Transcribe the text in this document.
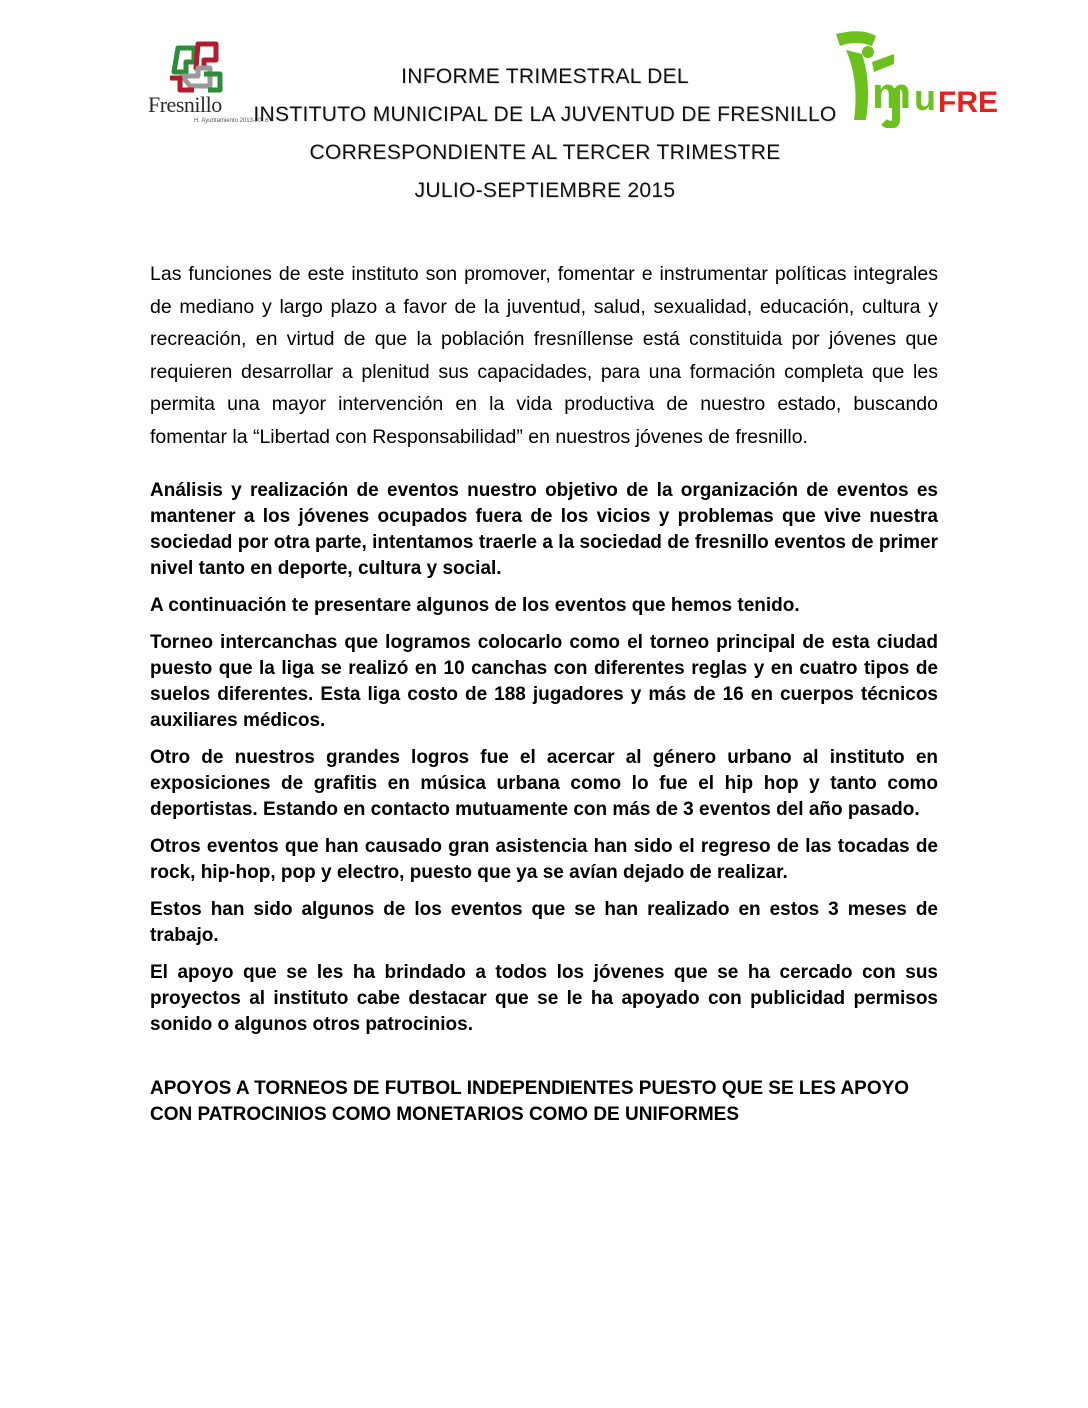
Fresnillo
H. Ayuntamiento 2013-2016
INFORME TRIMESTRAL DEL
INSTITUTO MUNICIPAL DE LA JUVENTUD DE FRESNILLO
CORRESPONDIENTE AL TERCER TRIMESTRE
JULIO-SEPTIEMBRE 2015
m u FRE

Las funciones de este instituto son promover, fomentar e instrumentar políticas integrales de mediano y largo plazo a favor de la juventud, salud, sexualidad, educación, cultura y recreación, en virtud de que la población fresníllense está constituida por jóvenes que requieren desarrollar a plenitud sus capacidades, para una formación completa que les permita una mayor intervención en la vida productiva de nuestro estado, buscando fomentar la “Libertad con Responsabilidad” en nuestros jóvenes de fresnillo.

Análisis y realización de eventos nuestro objetivo de la organización de eventos es mantener a los jóvenes ocupados fuera de los vicios y problemas que vive nuestra sociedad por otra parte, intentamos traerle a la sociedad de fresnillo eventos de primer nivel tanto en deporte, cultura y social.

A continuación te presentare algunos de los eventos que hemos tenido.

Torneo intercanchas que logramos colocarlo como el torneo principal de esta ciudad puesto que la liga se realizó en 10 canchas con diferentes reglas y en cuatro tipos de suelos diferentes. Esta liga costo de 188 jugadores y más de 16 en cuerpos técnicos auxiliares médicos.

Otro de nuestros grandes logros fue el acercar al género urbano al instituto en exposiciones de grafitis en música urbana como lo fue el hip hop y tanto como deportistas. Estando en contacto mutuamente con más de 3 eventos del año pasado.

Otros eventos que han causado gran asistencia han sido el regreso de las tocadas de rock, hip-hop, pop y electro, puesto que ya se avían dejado de realizar.

Estos han sido algunos de los eventos que se han realizado en estos 3 meses de trabajo.

El apoyo que se les ha brindado a todos los jóvenes que se ha cercado con sus proyectos al instituto cabe destacar que se le ha apoyado con publicidad permisos sonido o algunos otros patrocinios.

APOYOS A TORNEOS DE FUTBOL INDEPENDIENTES PUESTO QUE SE LES APOYO CON PATROCINIOS COMO MONETARIOS COMO DE UNIFORMES
